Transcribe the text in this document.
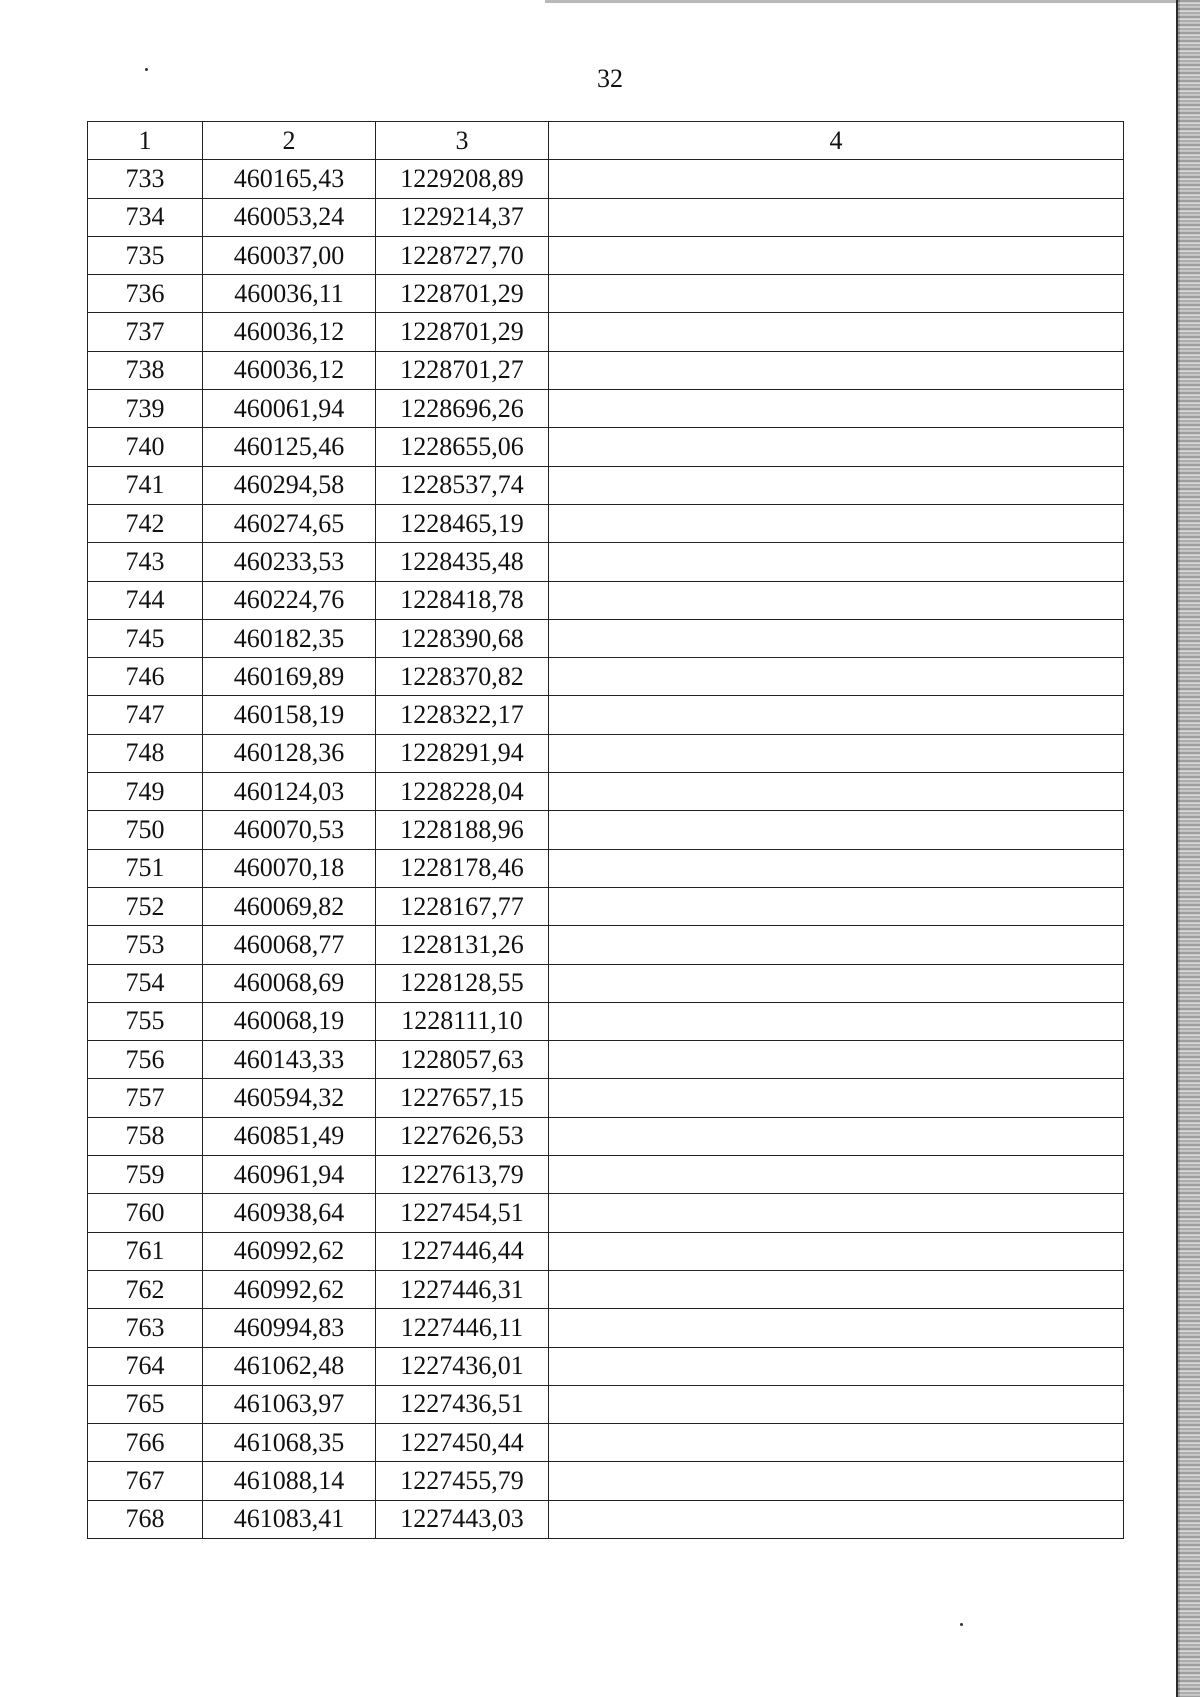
32
1	2	3	4
733	460165,43	1229208,89	
734	460053,24	1229214,37	
735	460037,00	1228727,70	
736	460036,11	1228701,29	
737	460036,12	1228701,29	
738	460036,12	1228701,27	
739	460061,94	1228696,26	
740	460125,46	1228655,06	
741	460294,58	1228537,74	
742	460274,65	1228465,19	
743	460233,53	1228435,48	
744	460224,76	1228418,78	
745	460182,35	1228390,68	
746	460169,89	1228370,82	
747	460158,19	1228322,17	
748	460128,36	1228291,94	
749	460124,03	1228228,04	
750	460070,53	1228188,96	
751	460070,18	1228178,46	
752	460069,82	1228167,77	
753	460068,77	1228131,26	
754	460068,69	1228128,55	
755	460068,19	1228111,10	
756	460143,33	1228057,63	
757	460594,32	1227657,15	
758	460851,49	1227626,53	
759	460961,94	1227613,79	
760	460938,64	1227454,51	
761	460992,62	1227446,44	
762	460992,62	1227446,31	
763	460994,83	1227446,11	
764	461062,48	1227436,01	
765	461063,97	1227436,51	
766	461068,35	1227450,44	
767	461088,14	1227455,79	
768	461083,41	1227443,03	
